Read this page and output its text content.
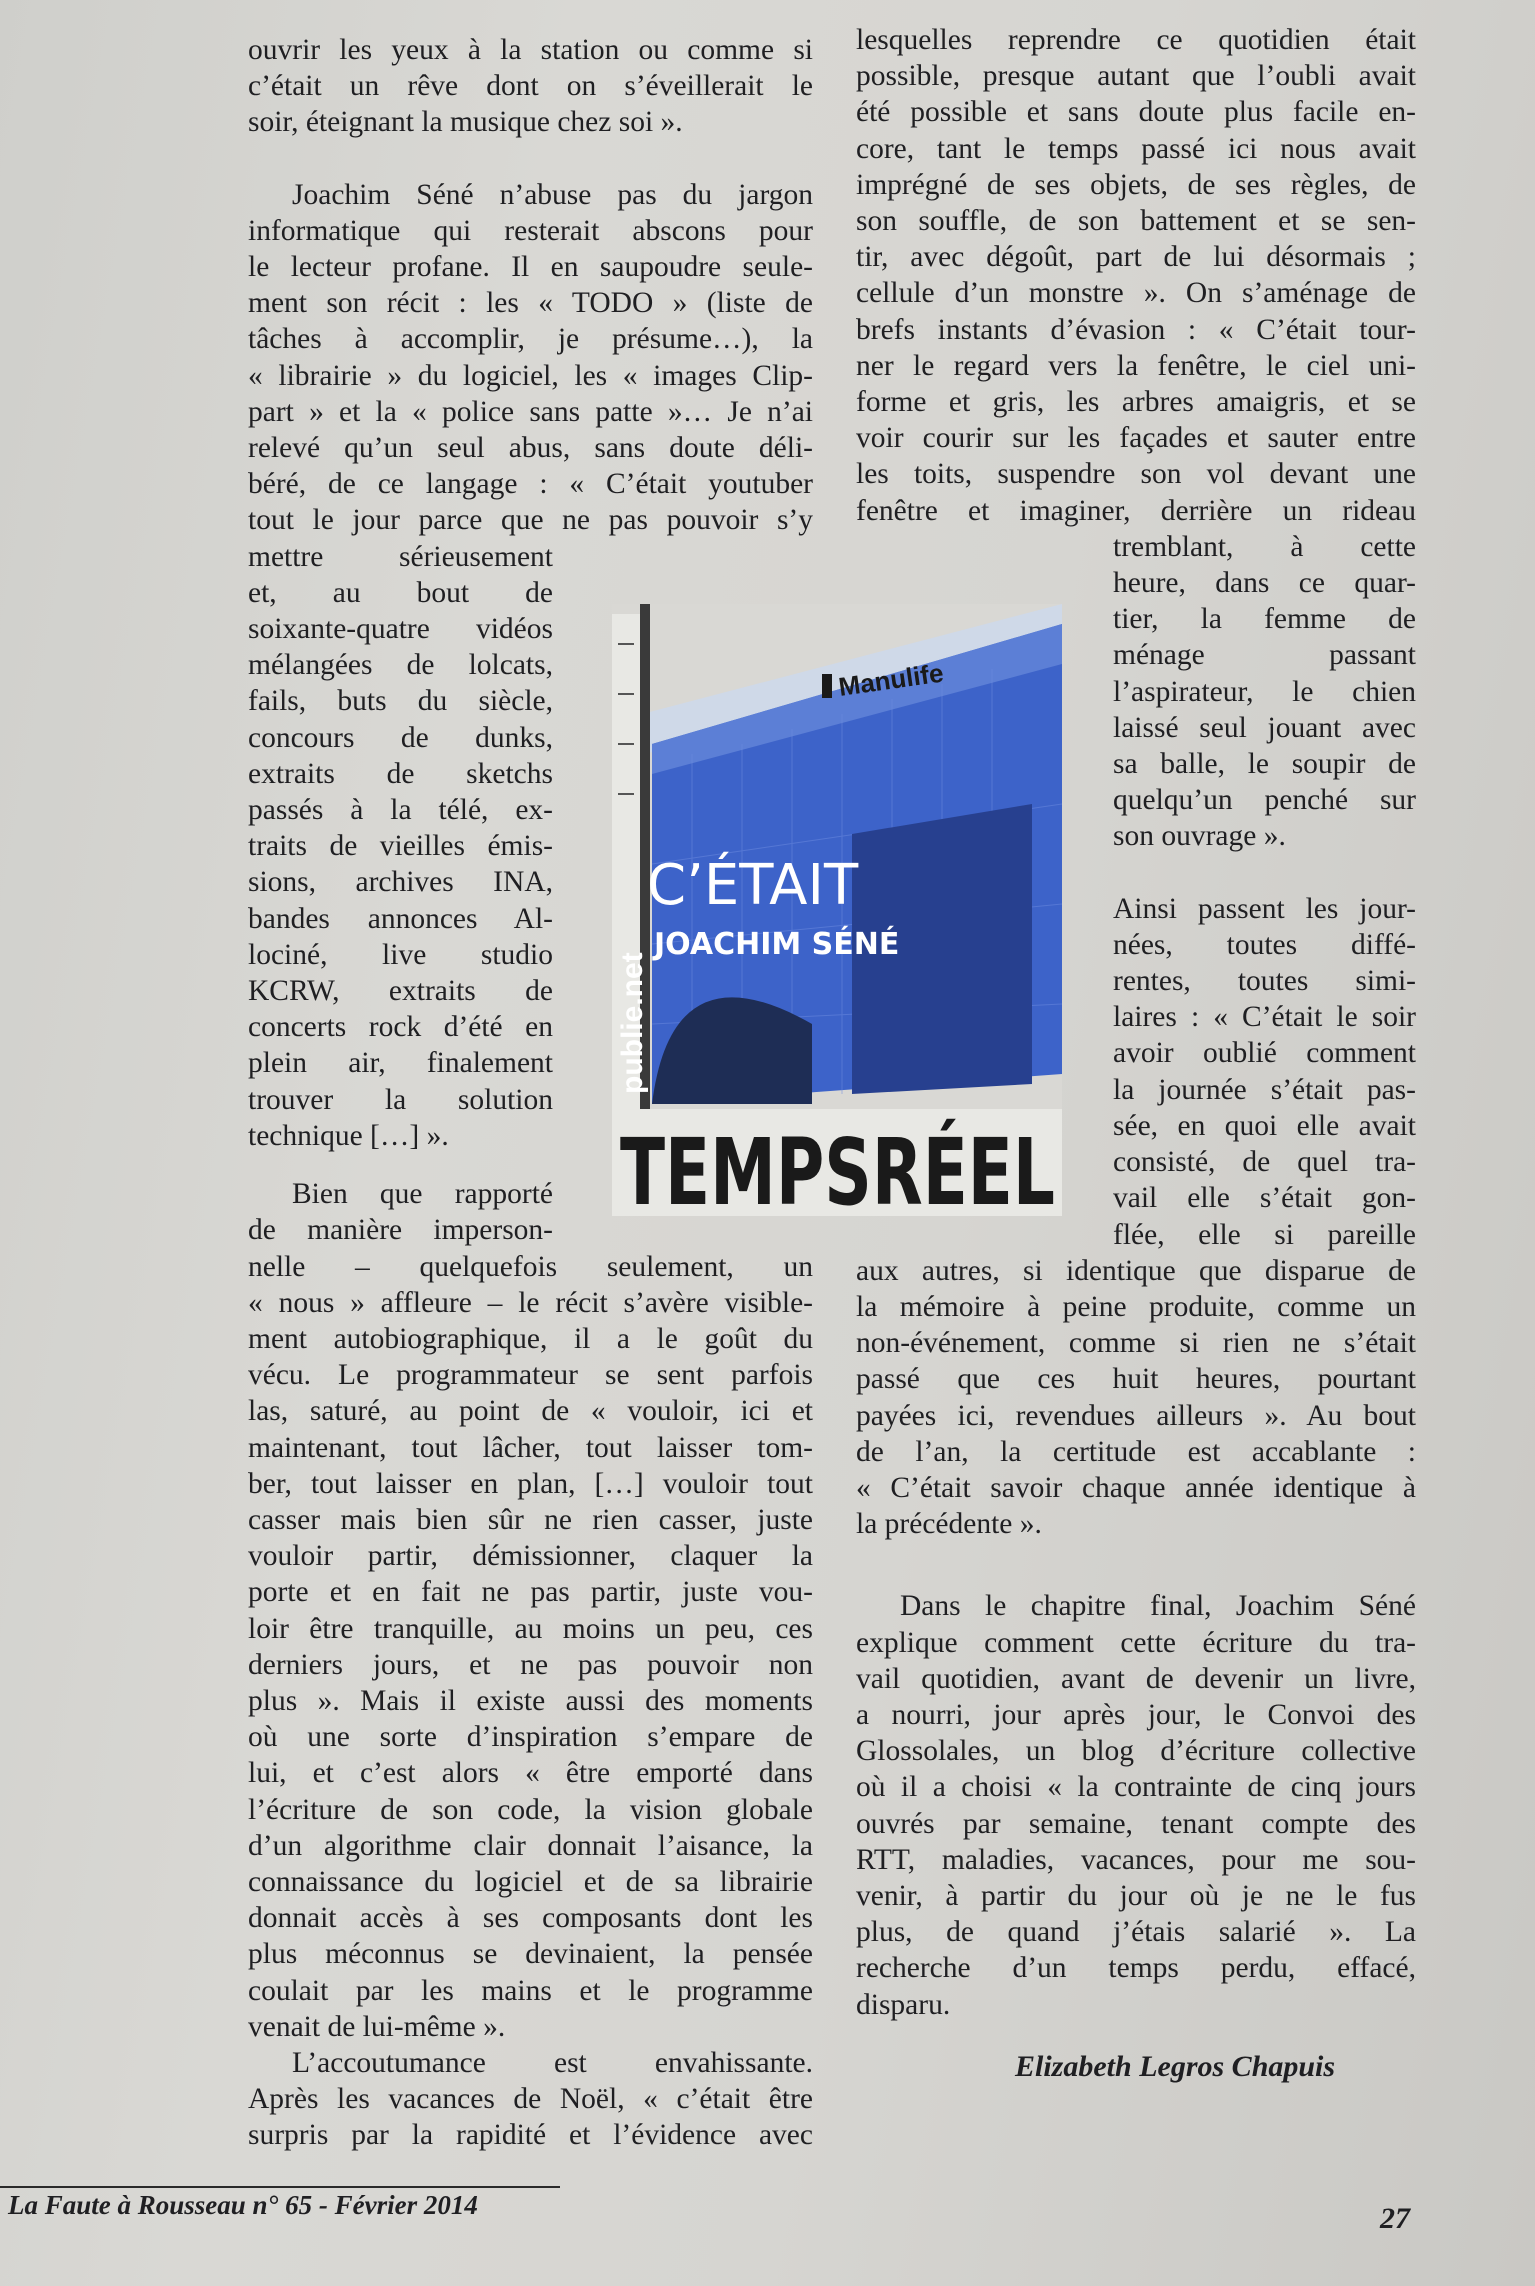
ouvrir les yeux à la station ou comme si

c’était un rêve dont on s’éveillerait le

soir, éteignant la musique chez soi ».

Joachim Séné n’abuse pas du jargon

informatique qui resterait abscons pour

le lecteur profane. Il en saupoudre seule-

ment son récit : les « TODO » (liste de

tâches à accomplir, je présume…), la

« librairie » du logiciel, les « images Clip-

part » et la « police sans patte »… Je n’ai

relevé qu’un seul abus, sans doute déli-

béré, de ce langage : « C’était youtuber

tout le jour parce que ne pas pouvoir s’y

mettre sérieusement

et, au bout de

soixante-quatre vidéos

mélangées de lolcats,

fails, buts du siècle,

concours de dunks,

extraits de sketchs

passés à la télé, ex-

traits de vieilles émis-

sions, archives INA,

bandes annonces Al-

lociné, live studio

KCRW, extraits de

concerts rock d’été en

plein air, finalement

trouver la solution

technique […] ».

Bien que rapporté

de manière imperson-

nelle – quelquefois seulement, un

« nous » affleure – le récit s’avère visible-

ment autobiographique, il a le goût du

vécu. Le programmateur se sent parfois

las, saturé, au point de « vouloir, ici et

maintenant, tout lâcher, tout laisser tom-

ber, tout laisser en plan, […] vouloir tout

casser mais bien sûr ne rien casser, juste

vouloir partir, démissionner, claquer la

porte et en fait ne pas partir, juste vou-

loir être tranquille, au moins un peu, ces

derniers jours, et ne pas pouvoir non

plus ». Mais il existe aussi des moments

où une sorte d’inspiration s’empare de

lui, et c’est alors « être emporté dans

l’écriture de son code, la vision globale

d’un algorithme clair donnait l’aisance, la

connaissance du logiciel et de sa librairie

donnait accès à ses composants dont les

plus méconnus se devinaient, la pensée

coulait par les mains et le programme

venait de lui-même ».

L’accoutumance est envahissante.

Après les vacances de Noël, « c’était être

surpris par la rapidité et l’évidence avec

lesquelles reprendre ce quotidien était

possible, presque autant que l’oubli avait

été possible et sans doute plus facile en-

core, tant le temps passé ici nous avait

imprégné de ses objets, de ses règles, de

son souffle, de son battement et se sen-

tir, avec dégoût, part de lui désormais ;

cellule d’un monstre ». On s’aménage de

brefs instants d’évasion : « C’était tour-

ner le regard vers la fenêtre, le ciel uni-

forme et gris, les arbres amaigris, et se

voir courir sur les façades et sauter entre

les toits, suspendre son vol devant une

fenêtre et imaginer, derrière un rideau

tremblant, à cette

heure, dans ce quar-

tier, la femme de

ménage passant

l’aspirateur, le chien

laissé seul jouant avec

sa balle, le soupir de

quelqu’un penché sur

son ouvrage ».

Ainsi passent les jour-

nées, toutes diffé-

rentes, toutes simi-

laires : « C’était le soir

avoir oublié comment

la journée s’était pas-

sée, en quoi elle avait

consisté, de quel tra-

vail elle s’était gon-

flée, elle si pareille

aux autres, si identique que disparue de

la mémoire à peine produite, comme un

non-événement, comme si rien ne s’était

passé que ces huit heures, pourtant

payées ici, revendues ailleurs ». Au bout

de l’an, la certitude est accablante :

« C’était savoir chaque année identique à

la précédente ».

Dans le chapitre final, Joachim Séné

explique comment cette écriture du tra-

vail quotidien, avant de devenir un livre,

a nourri, jour après jour, le Convoi des

Glossolales, un blog d’écriture collective

où il a choisi « la contrainte de cinq jours

ouvrés par semaine, tenant compte des

RTT, maladies, vacances, pour me sou-

venir, à partir du jour où je ne le fus

plus, de quand j’étais salarié ». La

recherche d’un temps perdu, effacé,

disparu.

Manulife
publie.net
C’ÉTAIT
JOACHIM SÉNÉ
TEMPSR
Elizabeth Legros Chapuis
La Faute à Rousseau n° 65 - Février 2014	27
